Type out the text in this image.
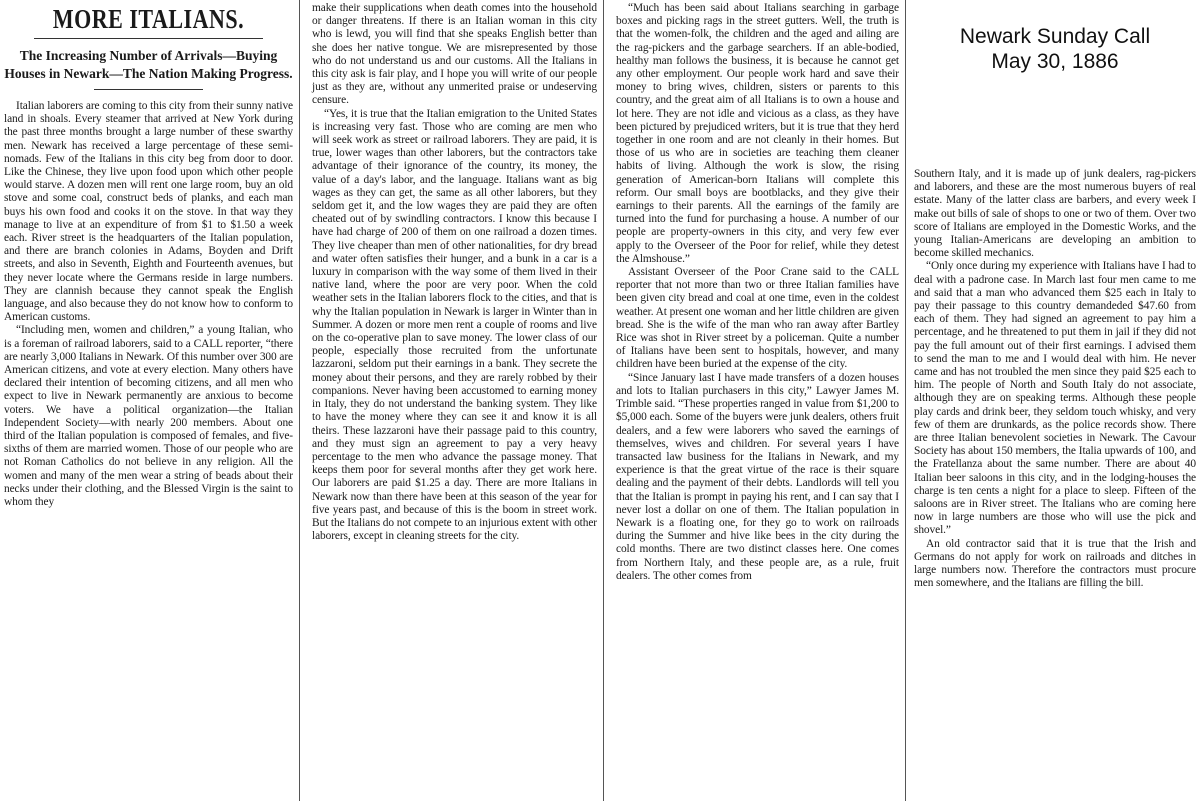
MORE ITALIANS.
The Increasing Number of Arrivals—Buying Houses in Newark—The Nation Making Progress.

Italian laborers are coming to this city from their sunny native land in shoals. Every steamer that arrived at New York during the past three months brought a large number of these swarthy men. Newark has received a large percentage of these semi-nomads. Few of the Italians in this city beg from door to door. Like the Chinese, they live upon food upon which other people would starve. A dozen men will rent one large room, buy an old stove and some coal, construct beds of planks, and each man buys his own food and cooks it on the stove. In that way they manage to live at an expenditure of from $1 to $1.50 a week each. River street is the headquarters of the Italian population, and there are branch colonies in Adams, Boyden and Drift streets, and also in Seventh, Eighth and Fourteenth avenues, but they never locate where the Germans reside in large numbers. They are clannish because they cannot speak the English language, and also because they do not know how to conform to American customs.

“Including men, women and children,” a young Italian, who is a foreman of railroad laborers, said to a CALL reporter, “there are nearly 3,000 Italians in Newark. Of this number over 300 are American citizens, and vote at every election. Many others have declared their intention of becoming citizens, and all men who expect to live in Newark permanently are anxious to become voters. We have a political organization—the Italian Independent Society—with nearly 200 members. About one third of the Italian population is composed of females, and five-sixths of them are married women. Those of our people who are not Roman Catholics do not believe in any religion. All the women and many of the men wear a string of beads about their necks under their clothing, and the Blessed Virgin is the saint to whom they

make their supplications when death comes into the household or danger threatens. If there is an Italian woman in this city who is lewd, you will find that she speaks English better than she does her native tongue. We are misrepresented by those who do not understand us and our customs. All the Italians in this city ask is fair play, and I hope you will write of our people just as they are, without any unmerited praise or undeserving censure.

“Yes, it is true that the Italian emigration to the United States is increasing very fast. Those who are coming are men who will seek work as street or railroad laborers. They are paid, it is true, lower wages than other laborers, but the contractors take advantage of their ignorance of the country, its money, the value of a day's labor, and the language. Italians want as big wages as they can get, the same as all other laborers, but they seldom get it, and the low wages they are paid they are often cheated out of by swindling contractors. I know this because I have had charge of 200 of them on one railroad a dozen times. They live cheaper than men of other nationalities, for dry bread and water often satisfies their hunger, and a bunk in a car is a luxury in comparison with the way some of them lived in their native land, where the poor are very poor. When the cold weather sets in the Italian laborers flock to the cities, and that is why the Italian population in Newark is larger in Winter than in Summer. A dozen or more men rent a couple of rooms and live on the co-operative plan to save money. The lower class of our people, especially those recruited from the unfortunate lazzaroni, seldom put their earnings in a bank. They secrete the money about their persons, and they are rarely robbed by their companions. Never having been accustomed to earning money in Italy, they do not understand the banking system. They like to have the money where they can see it and know it is all theirs. These lazzaroni have their passage paid to this country, and they must sign an agreement to pay a very heavy percentage to the men who advance the passage money. That keeps them poor for several months after they get work here. Our laborers are paid $1.25 a day. There are more Italians in Newark now than there have been at this season of the year for five years past, and because of this is the boom in street work. But the Italians do not compete to an injurious extent with other laborers, except in cleaning streets for the city.

“Much has been said about Italians searching in garbage boxes and picking rags in the street gutters. Well, the truth is that the women-folk, the children and the aged and ailing are the rag-pickers and the garbage searchers. If an able-bodied, healthy man follows the business, it is because he cannot get any other employment. Our people work hard and save their money to bring wives, children, sisters or parents to this country, and the great aim of all Italians is to own a house and lot here. They are not idle and vicious as a class, as they have been pictured by prejudiced writers, but it is true that they herd together in one room and are not cleanly in their homes. But those of us who are in societies are teaching them cleaner habits of living. Although the work is slow, the rising generation of American-born Italians will complete this reform. Our small boys are bootblacks, and they give their earnings to their parents. All the earnings of the family are turned into the fund for purchasing a house. A number of our people are property-owners in this city, and very few ever apply to the Overseer of the Poor for relief, while they detest the Almshouse.”

Assistant Overseer of the Poor Crane said to the CALL reporter that not more than two or three Italian families have been given city bread and coal at one time, even in the coldest weather. At present one woman and her little children are given bread. She is the wife of the man who ran away after Bartley Rice was shot in River street by a policeman. Quite a number of Italians have been sent to hospitals, however, and many children have been buried at the expense of the city.

“Since January last I have made transfers of a dozen houses and lots to Italian purchasers in this city,” Lawyer James M. Trimble said. “These properties ranged in value from $1,200 to $5,000 each. Some of the buyers were junk dealers, others fruit dealers, and a few were laborers who saved the earnings of themselves, wives and children. For several years I have transacted law business for the Italians in Newark, and my experience is that the great virtue of the race is their square dealing and the payment of their debts. Landlords will tell you that the Italian is prompt in paying his rent, and I can say that I never lost a dollar on one of them. The Italian population in Newark is a floating one, for they go to work on railroads during the Summer and hive like bees in the city during the cold months. There are two distinct classes here. One comes from Northern Italy, and these people are, as a rule, fruit dealers. The other comes from

Newark Sunday Call
May 30, 1886

Southern Italy, and it is made up of junk dealers, rag-pickers and laborers, and these are the most numerous buyers of real estate. Many of the latter class are barbers, and every week I make out bills of sale of shops to one or two of them. Over two score of Italians are employed in the Domestic Works, and the young Italian-Americans are developing an ambition to become skilled mechanics.

“Only once during my experience with Italians have I had to deal with a padrone case. In March last four men came to me and said that a man who advanced them $25 each in Italy to pay their passage to this country demandeded $47.60 from each of them. They had signed an agreement to pay him a percentage, and he threatened to put them in jail if they did not pay the full amount out of their first earnings. I advised them to send the man to me and I would deal with him. He never came and has not troubled the men since they paid $25 each to him. The people of North and South Italy do not associate, although they are on speaking terms. Although these people play cards and drink beer, they seldom touch whisky, and very few of them are drunkards, as the police records show. There are three Italian benevolent societies in Newark. The Cavour Society has about 150 members, the Italia upwards of 100, and the Fratellanza about the same number. There are about 40 Italian beer saloons in this city, and in the lodging-houses the charge is ten cents a night for a place to sleep. Fifteen of the saloons are in River street. The Italians who are coming here now in large numbers are those who will use the pick and shovel.”

An old contractor said that it is true that the Irish and Germans do not apply for work on railroads and ditches in large numbers now. Therefore the contractors must procure men somewhere, and the Italians are filling the bill.
